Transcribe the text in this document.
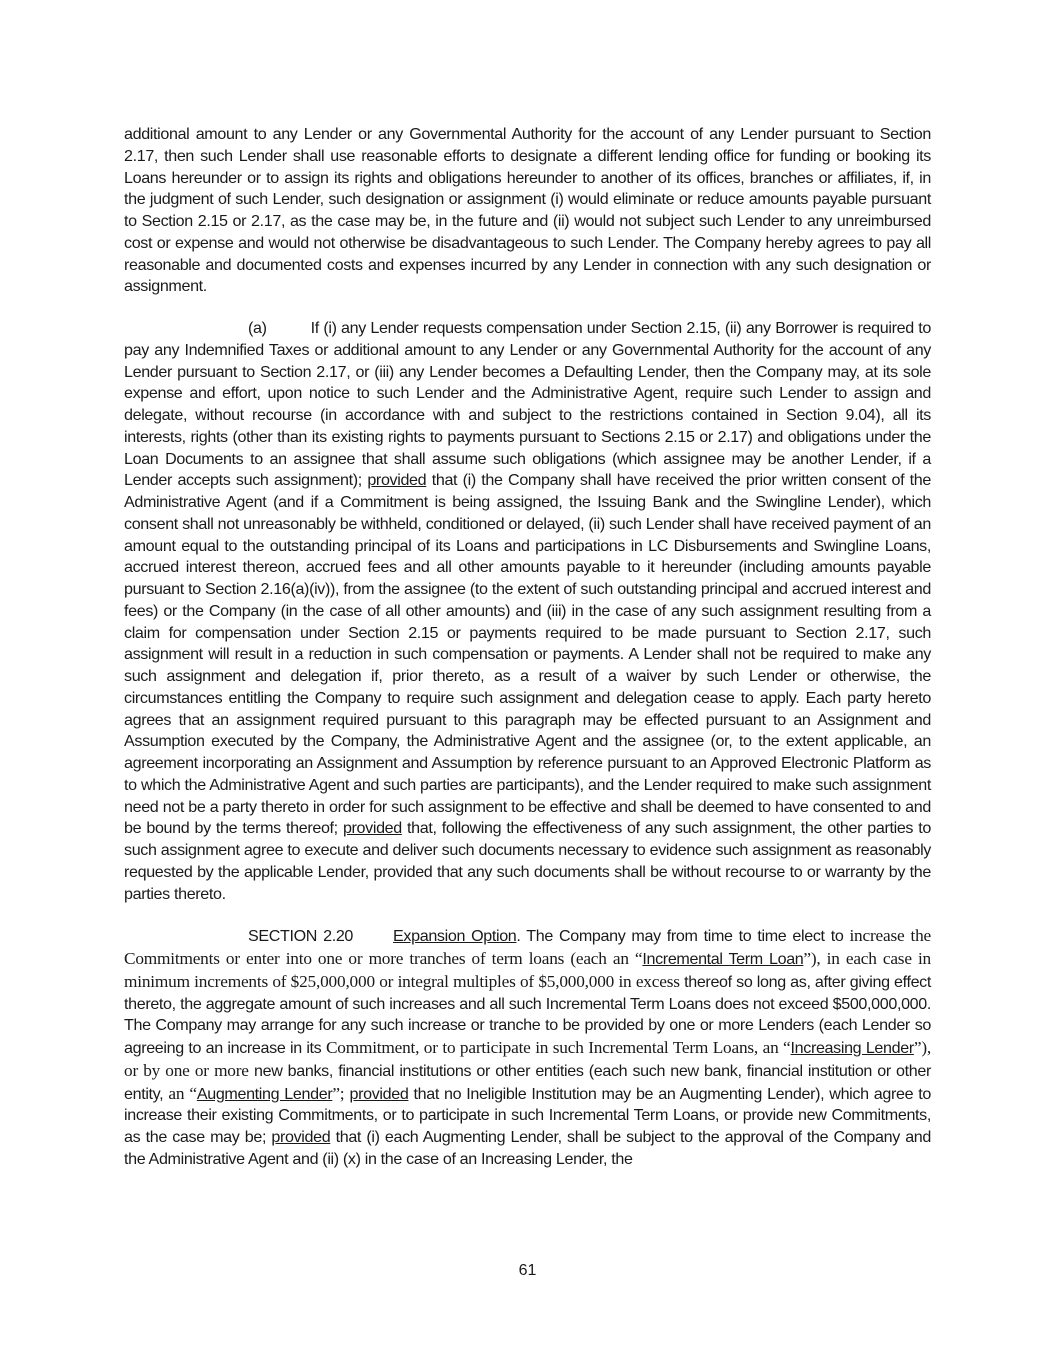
additional amount to any Lender or any Governmental Authority for the account of any Lender pursuant to Section 2.17, then such Lender shall use reasonable efforts to designate a different lending office for funding or booking its Loans hereunder or to assign its rights and obligations hereunder to another of its offices, branches or affiliates, if, in the judgment of such Lender, such designation or assignment (i) would eliminate or reduce amounts payable pursuant to Section 2.15 or 2.17, as the case may be, in the future and (ii) would not subject such Lender to any unreimbursed cost or expense and would not otherwise be disadvantageous to such Lender. The Company hereby agrees to pay all reasonable and documented costs and expenses incurred by any Lender in connection with any such designation or assignment.

(a)	If (i) any Lender requests compensation under Section 2.15, (ii) any Borrower is required to pay any Indemnified Taxes or additional amount to any Lender or any Governmental Authority for the account of any Lender pursuant to Section 2.17, or (iii) any Lender becomes a Defaulting Lender, then the Company may, at its sole expense and effort, upon notice to such Lender and the Administrative Agent, require such Lender to assign and delegate, without recourse (in accordance with and subject to the restrictions contained in Section 9.04), all its interests, rights (other than its existing rights to payments pursuant to Sections 2.15 or 2.17) and obligations under the Loan Documents to an assignee that shall assume such obligations (which assignee may be another Lender, if a Lender accepts such assignment); provided that (i) the Company shall have received the prior written consent of the Administrative Agent (and if a Commitment is being assigned, the Issuing Bank and the Swingline Lender), which consent shall not unreasonably be withheld, conditioned or delayed, (ii) such Lender shall have received payment of an amount equal to the outstanding principal of its Loans and participations in LC Disbursements and Swingline Loans, accrued interest thereon, accrued fees and all other amounts payable to it hereunder (including amounts payable pursuant to Section 2.16(a)(iv)), from the assignee (to the extent of such outstanding principal and accrued interest and fees) or the Company (in the case of all other amounts) and (iii) in the case of any such assignment resulting from a claim for compensation under Section 2.15 or payments required to be made pursuant to Section 2.17, such assignment will result in a reduction in such compensation or payments. A Lender shall not be required to make any such assignment and delegation if, prior thereto, as a result of a waiver by such Lender or otherwise, the circumstances entitling the Company to require such assignment and delegation cease to apply. Each party hereto agrees that an assignment required pursuant to this paragraph may be effected pursuant to an Assignment and Assumption executed by the Company, the Administrative Agent and the assignee (or, to the extent applicable, an agreement incorporating an Assignment and Assumption by reference pursuant to an Approved Electronic Platform as to which the Administrative Agent and such parties are participants), and the Lender required to make such assignment need not be a party thereto in order for such assignment to be effective and shall be deemed to have consented to and be bound by the terms thereof; provided that, following the effectiveness of any such assignment, the other parties to such assignment agree to execute and deliver such documents necessary to evidence such assignment as reasonably requested by the applicable Lender, provided that any such documents shall be without recourse to or warranty by the parties thereto.

SECTION 2.20 Expansion Option. The Company may from time to time elect to increase the Commitments or enter into one or more tranches of term loans (each an “Incremental Term Loan”), in each case in minimum increments of $25,000,000 or integral multiples of $5,000,000 in excess thereof so long as, after giving effect thereto, the aggregate amount of such increases and all such Incremental Term Loans does not exceed $500,000,000. The Company may arrange for any such increase or tranche to be provided by one or more Lenders (each Lender so agreeing to an increase in its Commitment, or to participate in such Incremental Term Loans, an “Increasing Lender”), or by one or more new banks, financial institutions or other entities (each such new bank, financial institution or other entity, an “Augmenting Lender”; provided that no Ineligible Institution may be an Augmenting Lender), which agree to increase their existing Commitments, or to participate in such Incremental Term Loans, or provide new Commitments, as the case may be; provided that (i) each Augmenting Lender, shall be subject to the approval of the Company and the Administrative Agent and (ii) (x) in the case of an Increasing Lender, the

61
